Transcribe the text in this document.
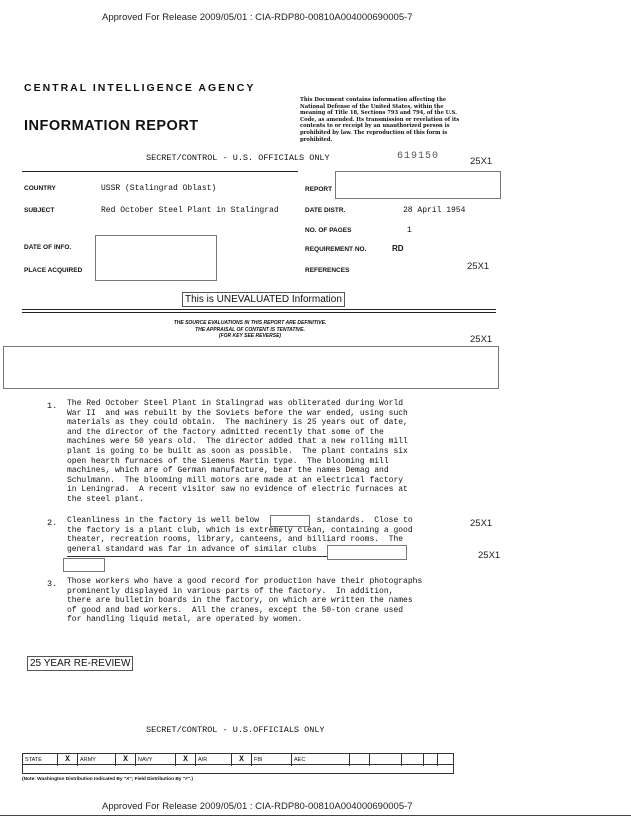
Approved For Release 2009/05/01 : CIA-RDP80-00810A004000690005-7
Approved For Release 2009/05/01 : CIA-RDP80-00810A004000690005-7
CENTRAL INTELLIGENCE AGENCY
INFORMATION REPORT
This Document contains information affecting the National Defense of the United States, within the meaning of Title 18, Sections 793 and 794, of the U.S. Code, as amended. Its transmission or revelation of its contents to or receipt by an unauthorized person is prohibited by law. The reproduction of this form is prohibited.
SECRET/CONTROL - U.S. OFFICIALS ONLY	619150	25X1
COUNTRY	USSR (Stalingrad Oblast)
SUBJECT	Red October Steel Plant in Stalingrad
DATE OF INFO.
PLACE ACQUIRED
REPORT
DATE DISTR.	28 April 1954
NO. OF PAGES	1
REQUIREMENT NO.	RD
REFERENCES	25X1
This is UNEVALUATED Information
THE SOURCE EVALUATIONS IN THIS REPORT ARE DEFINITIVE.
THE APPRAISAL OF CONTENT IS TENTATIVE.
(FOR KEY SEE REVERSE)	25X1
1. The Red October Steel Plant in Stalingrad was obliterated during World
War II  and was rebuilt by the Soviets before the war ended, using such
materials as they could obtain.  The machinery is 25 years out of date,
and the director of the factory admitted recently that some of the
machines were 50 years old.  The director added that a new rolling mill
plant is going to be built as soon as possible.  The plant contains six
open hearth furnaces of the Siemens Martin type.  The blooming mill
machines, which are of German manufacture, bear the names Demag and
Schulmann.  The blooming mill motors are made at an electrical factory
in Leningrad.  A recent visitor saw no evidence of electric furnaces at
the steel plant.
2. Cleanliness in the factory is well below            standards.  Close to
the factory is a plant club, which is extremely clean, containing a good
theater, recreation rooms, library, canteens, and billiard rooms.  The
general standard was far in advance of similar clubs
25X1
25X1
3. Those workers who have a good record for production have their photographs
prominently displayed in various parts of the factory.  In addition,
there are bulletin boards in the factory, on which are written the names
of good and bad workers.  All the cranes, except the 50-ton crane used
for handling liquid metal, are operated by women.
25 YEAR RE-REVIEW
SECRET/CONTROL - U.S.OFFICIALS ONLY
STATE	X	ARMY	X	NAVY	X	AIR	X	FBI	AEC
(Note: Washington Distribution Indicated By "X"; Field Distribution By "#".)
